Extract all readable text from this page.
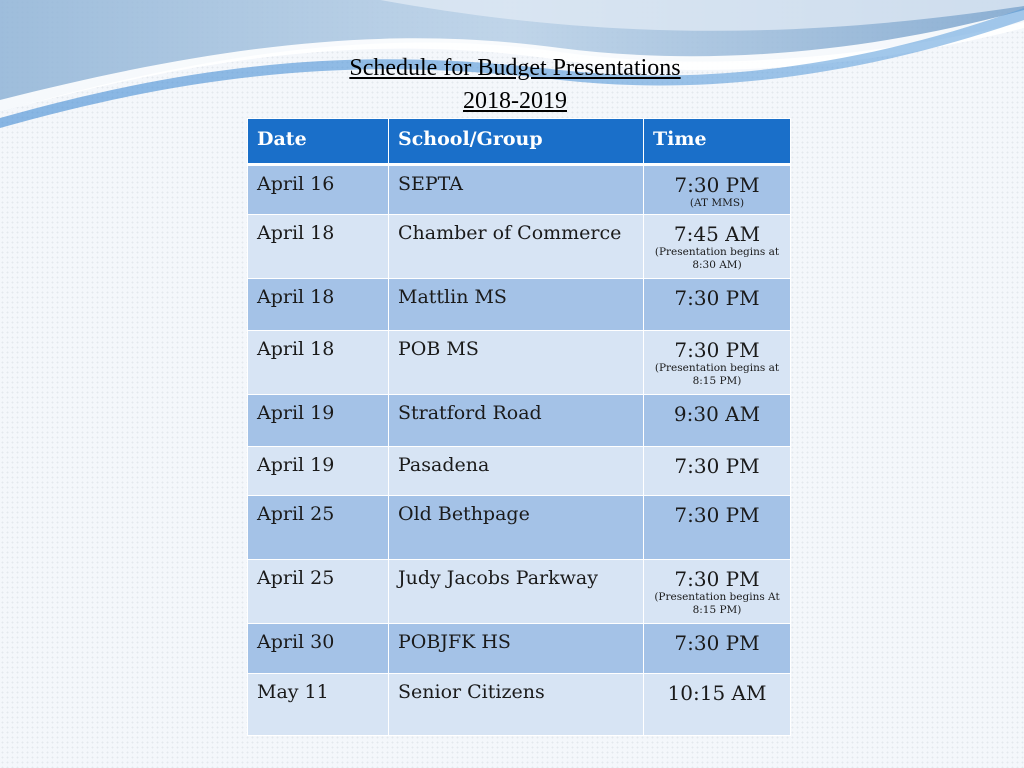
Schedule for Budget Presentations
2018-2019
Date	School/Group	Time
April 16	SEPTA	7:30 PM
(AT MMS)

April 18	Chamber of Commerce	7:45 AM
(Presentation begins at 8:30 AM)

April 18	Mattlin MS	7:30 PM

April 18	POB MS	7:30 PM
(Presentation begins at 8:15 PM)

April 19	Stratford Road	9:30 AM

April 19	Pasadena	7:30 PM

April 25	Old Bethpage	7:30 PM

April 25	Judy Jacobs Parkway	7:30 PM
(Presentation begins At 8:15 PM)

April 30	POBJFK HS	7:30 PM

May 11	Senior Citizens	10:15 AM
